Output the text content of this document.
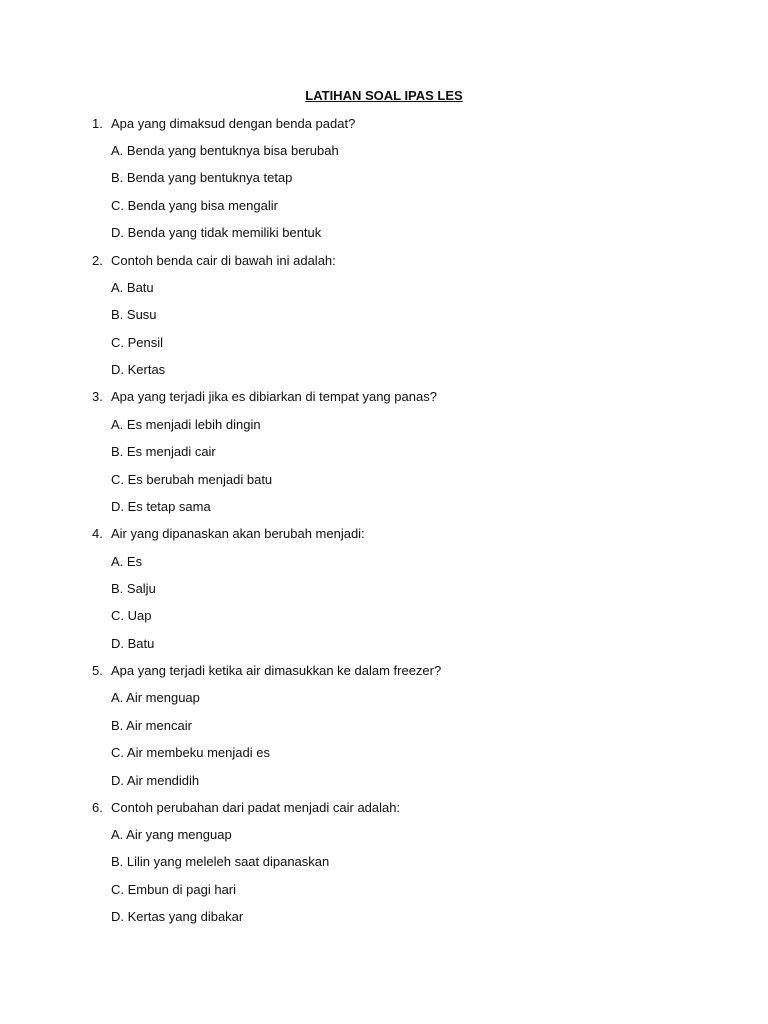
LATIHAN SOAL IPAS LES
1. Apa yang dimaksud dengan benda padat?
A. Benda yang bentuknya bisa berubah
B. Benda yang bentuknya tetap
C. Benda yang bisa mengalir
D. Benda yang tidak memiliki bentuk
2. Contoh benda cair di bawah ini adalah:
A. Batu
B. Susu
C. Pensil
D. Kertas
3. Apa yang terjadi jika es dibiarkan di tempat yang panas?
A. Es menjadi lebih dingin
B. Es menjadi cair
C. Es berubah menjadi batu
D. Es tetap sama
4. Air yang dipanaskan akan berubah menjadi:
A. Es
B. Salju
C. Uap
D. Batu
5. Apa yang terjadi ketika air dimasukkan ke dalam freezer?
A. Air menguap
B. Air mencair
C. Air membeku menjadi es
D. Air mendidih
6. Contoh perubahan dari padat menjadi cair adalah:
A. Air yang menguap
B. Lilin yang meleleh saat dipanaskan
C. Embun di pagi hari
D. Kertas yang dibakar
